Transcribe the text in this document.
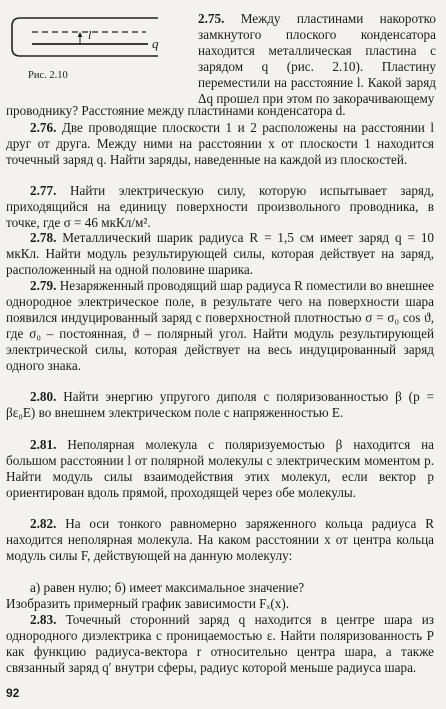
l
q
Рис. 2.10
2.75. Между пластинами накоротко замкнутого плоского конденсатора находится металлическая пластина с зарядом q (рис. 2.10). Пластину переместили на расстояние l. Какой заряд Δq прошел при этом по закорачивающему
проводнику? Расстояние между пластинами конденсатора d.
2.76. Две проводящие плоскости 1 и 2 расположены на расстоянии l друг от друга. Между ними на расстоянии x от плоскости 1 находится точечный заряд q. Найти заряды, наведенные на каждой из плоскостей.
2.77. Найти электрическую силу, которую испытывает заряд, приходящийся на единицу поверхности произвольного проводника, в точке, где σ = 46 мкКл/м².
2.78. Металлический шарик радиуса R = 1,5 см имеет заряд q = 10 мкКл. Найти модуль результирующей силы, которая действует на заряд, расположенный на одной половине шарика.
2.79. Незаряженный проводящий шар радиуса R поместили во внешнее однородное электрическое поле, в результате чего на поверхности шара появился индуцированный заряд с поверхностной плотностью σ = σ₀ cos ϑ, где σ₀ – постоянная, ϑ – полярный угол. Найти модуль результирующей электрической силы, которая действует на весь индуцированный заряд одного знака.
2.80. Найти энергию упругого диполя с поляризованностью β (p = βε₀E) во внешнем электрическом поле с напряженностью E.
2.81. Неполярная молекула с поляризуемостью β находится на большом расстоянии l от полярной молекулы с электрическим моментом p. Найти модуль силы взаимодействия этих молекул, если вектор p ориентирован вдоль прямой, проходящей через обе молекулы.
2.82. На оси тонкого равномерно заряженного кольца радиуса R находится неполярная молекула. На каком расстоянии x от центра кольца модуль силы F, действующей на данную молекулу:
а) равен нулю; б) имеет максимальное значение?
Изобразить примерный график зависимости Fₓ(x).
2.83. Точечный сторонний заряд q находится в центре шара из однородного диэлектрика с проницаемостью ε. Найти поляризованность P как функцию радиуса-вектора r относительно центра шара, а также связанный заряд q′ внутри сферы, радиус которой меньше радиуса шара.
92
